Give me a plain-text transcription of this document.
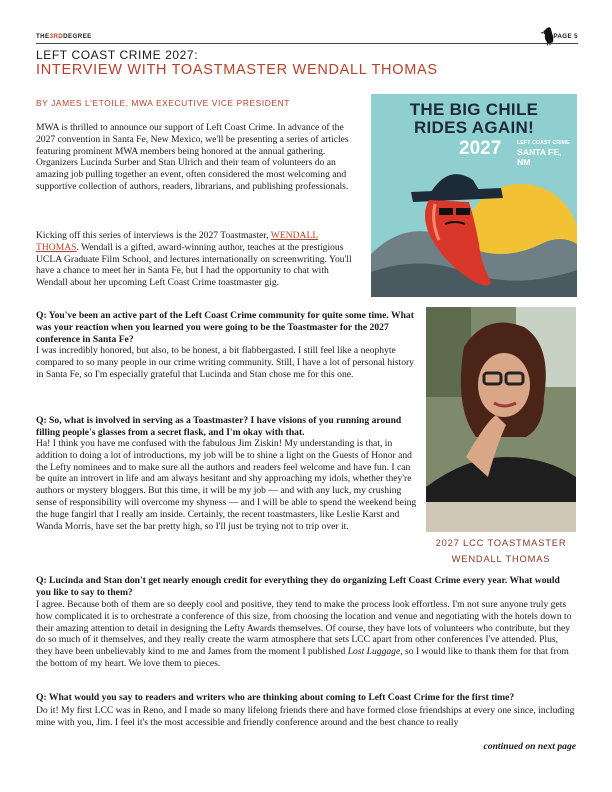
THE3RDDEGREE	PAGE 5
LEFT COAST CRIME 2027:
INTERVIEW WITH TOASTMASTER WENDALL THOMAS
BY JAMES L'ETOILE, MWA EXECUTIVE VICE PRESIDENT

MWA is thrilled to announce our support of Left Coast Crime. In advance of the 2027 convention in Santa Fe, New Mexico, we'll be presenting a series of articles featuring prominent MWA members being honored at the annual gathering. Organizers Lucinda Surber and Stan Ulrich and their team of volunteers do an amazing job pulling together an event, often considered the most welcoming and supportive collection of authors, readers, librarians, and publishing professionals.

Kicking off this series of interviews is the 2027 Toastmaster, WENDALL THOMAS. Wendall is a gifted, award-winning author, teaches at the prestigious UCLA Graduate Film School, and lectures internationally on screenwriting. You'll have a chance to meet her in Santa Fe, but I had the opportunity to chat with Wendall about her upcoming Left Coast Crime toastmaster gig.

THE BIG CHILE
RIDES AGAIN!
2027	LEFT COAST CRIME
SANTA FE, NM

Q: You've been an active part of the Left Coast Crime community for quite some time. What was your reaction when you learned you were going to be the Toastmaster for the 2027 conference in Santa Fe?

I was incredibly honored, but also, to be honest, a bit flabbergasted. I still feel like a neophyte compared to so many people in our crime writing community. Still, I have a lot of personal history in Santa Fe, so I'm especially grateful that Lucinda and Stan chose me for this one.

2027 LCC TOASTMASTER
WENDALL THOMAS

Q: So, what is involved in serving as a Toastmaster? I have visions of you running around filling people's glasses from a secret flask, and I'm okay with that.

Ha! I think you have me confused with the fabulous Jim Ziskin! My understanding is that, in addition to doing a lot of introductions, my job will be to shine a light on the Guests of Honor and the Lefty nominees and to make sure all the authors and readers feel welcome and have fun. I can be quite an introvert in life and am always hesitant and shy approaching my idols, whether they're authors or mystery bloggers. But this time, it will be my job — and with any luck, my crushing sense of responsibility will overcome my shyness — and I will be able to spend the weekend being the huge fangirl that I really am inside. Certainly, the recent toastmasters, like Leslie Karst and Wanda Morris, have set the bar pretty high, so I'll just be trying not to trip over it.

Q: Lucinda and Stan don't get nearly enough credit for everything they do organizing Left Coast Crime every year. What would you like to say to them?

I agree. Because both of them are so deeply cool and positive, they tend to make the process look effortless. I'm not sure anyone truly gets how complicated it is to orchestrate a conference of this size, from choosing the location and venue and negotiating with the hotels down to their amazing attention to detail in designing the Lefty Awards themselves. Of course, they have lots of volunteers who contribute, but they do so much of it themselves, and they really create the warm atmosphere that sets LCC apart from other conferences I've attended. Plus, they have been unbelievably kind to me and James from the moment I published Lost Luggage, so I would like to thank them for that from the bottom of my heart. We love them to pieces.

Q: What would you say to readers and writers who are thinking about coming to Left Coast Crime for the first time?

Do it! My first LCC was in Reno, and I made so many lifelong friends there and have formed close friendships at every one since, including mine with you, Jim. I feel it's the most accessible and friendly conference around and the best chance to really

continued on next page
